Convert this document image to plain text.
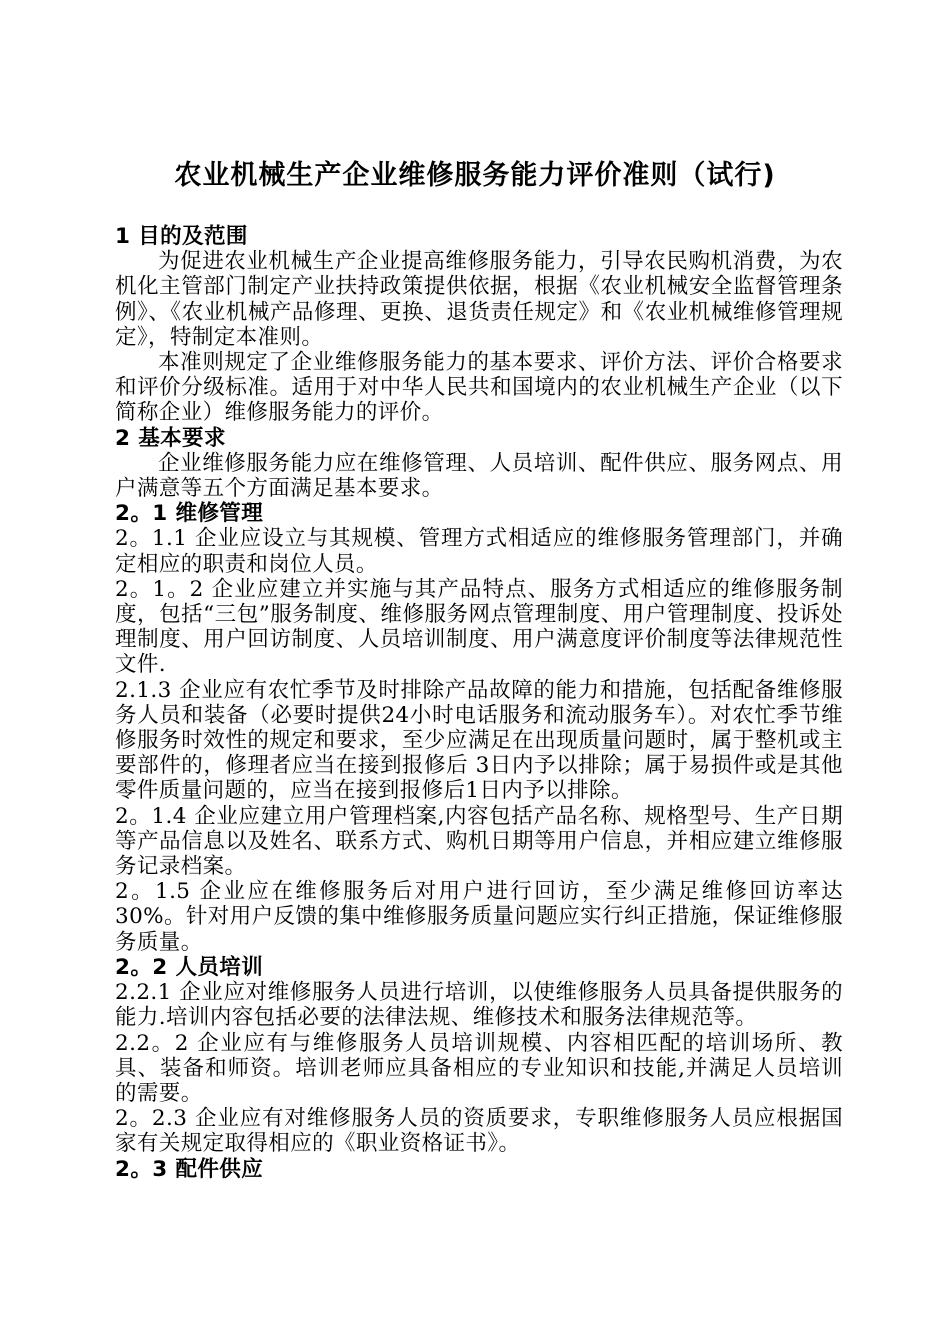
农业机械生产企业维修服务能力评价准则（试行)

1 目的及范围

为促进农业机械生产企业提高维修服务能力，引导农民购机消费，为农机化主管部门制定产业扶持政策提供依据，根据《农业机械安全监督管理条例》、《农业机械产品修理、更换、退货责任规定》和《农业机械维修管理规定》，特制定本准则。

本准则规定了企业维修服务能力的基本要求、评价方法、评价合格要求和评价分级标准。适用于对中华人民共和国境内的农业机械生产企业（以下简称企业）维修服务能力的评价。

2 基本要求

企业维修服务能力应在维修管理、人员培训、配件供应、服务网点、用户满意等五个方面满足基本要求。

2。1 维修管理

2。1.1 企业应设立与其规模、管理方式相适应的维修服务管理部门，并确定相应的职责和岗位人员。

2。1。2 企业应建立并实施与其产品特点、服务方式相适应的维修服务制度，包括“三包”服务制度、维修服务网点管理制度、用户管理制度、投诉处理制度、用户回访制度、人员培训制度、用户满意度评价制度等法律规范性文件.

2.1.3 企业应有农忙季节及时排除产品故障的能力和措施，包括配备维修服务人员和装备（必要时提供24小时电话服务和流动服务车）。对农忙季节维修服务时效性的规定和要求，至少应满足在出现质量问题时，属于整机或主要部件的，修理者应当在接到报修后 3日内予以排除；属于易损件或是其他零件质量问题的，应当在接到报修后1日内予以排除。

2。1.4 企业应建立用户管理档案,内容包括产品名称、规格型号、生产日期等产品信息以及姓名、联系方式、购机日期等用户信息，并相应建立维修服务记录档案。

2。1.5 企业应在维修服务后对用户进行回访，至少满足维修回访率达30%。针对用户反馈的集中维修服务质量问题应实行纠正措施，保证维修服务质量。

2。2 人员培训

2.2.1 企业应对维修服务人员进行培训，以使维修服务人员具备提供服务的能力.培训内容包括必要的法律法规、维修技术和服务法律规范等。

2.2。2 企业应有与维修服务人员培训规模、内容相匹配的培训场所、教具、装备和师资。培训老师应具备相应的专业知识和技能,并满足人员培训的需要。

2。2.3 企业应有对维修服务人员的资质要求，专职维修服务人员应根据国家有关规定取得相应的《职业资格证书》。

2。3 配件供应
